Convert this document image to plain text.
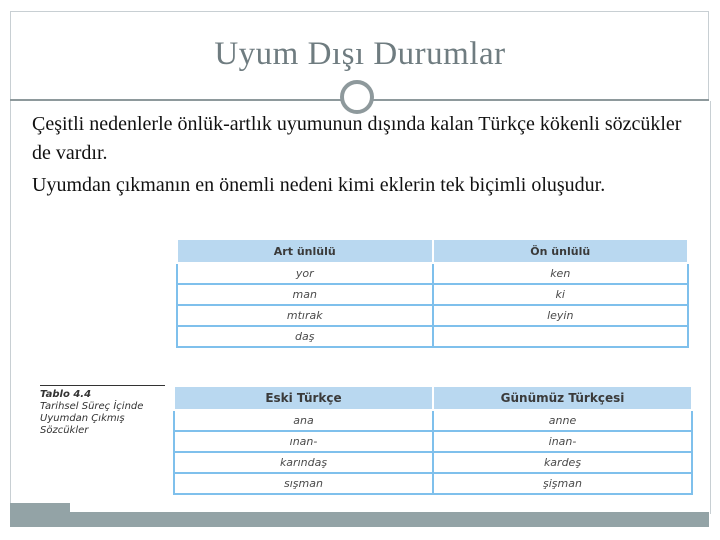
Uyum Dışı Durumlar
Çeşitli nedenlerle önlük-artlık uyumunun dışında kalan Türkçe kökenli sözcükler de vardır.
Uyumdan çıkmanın en önemli nedeni kimi eklerin tek biçimli oluşudur.
Art ünlülü	Ön ünlülü
yor	ken
man	ki
mtırak	leyin
daş	
Tablo 4.4
Tarihsel Süreç İçinde Uyumdan Çıkmış Sözcükler
Eski Türkçe	Günümüz Türkçesi
ana	anne
ınan-	inan-
karındaş	kardeş
sışman	şişman
